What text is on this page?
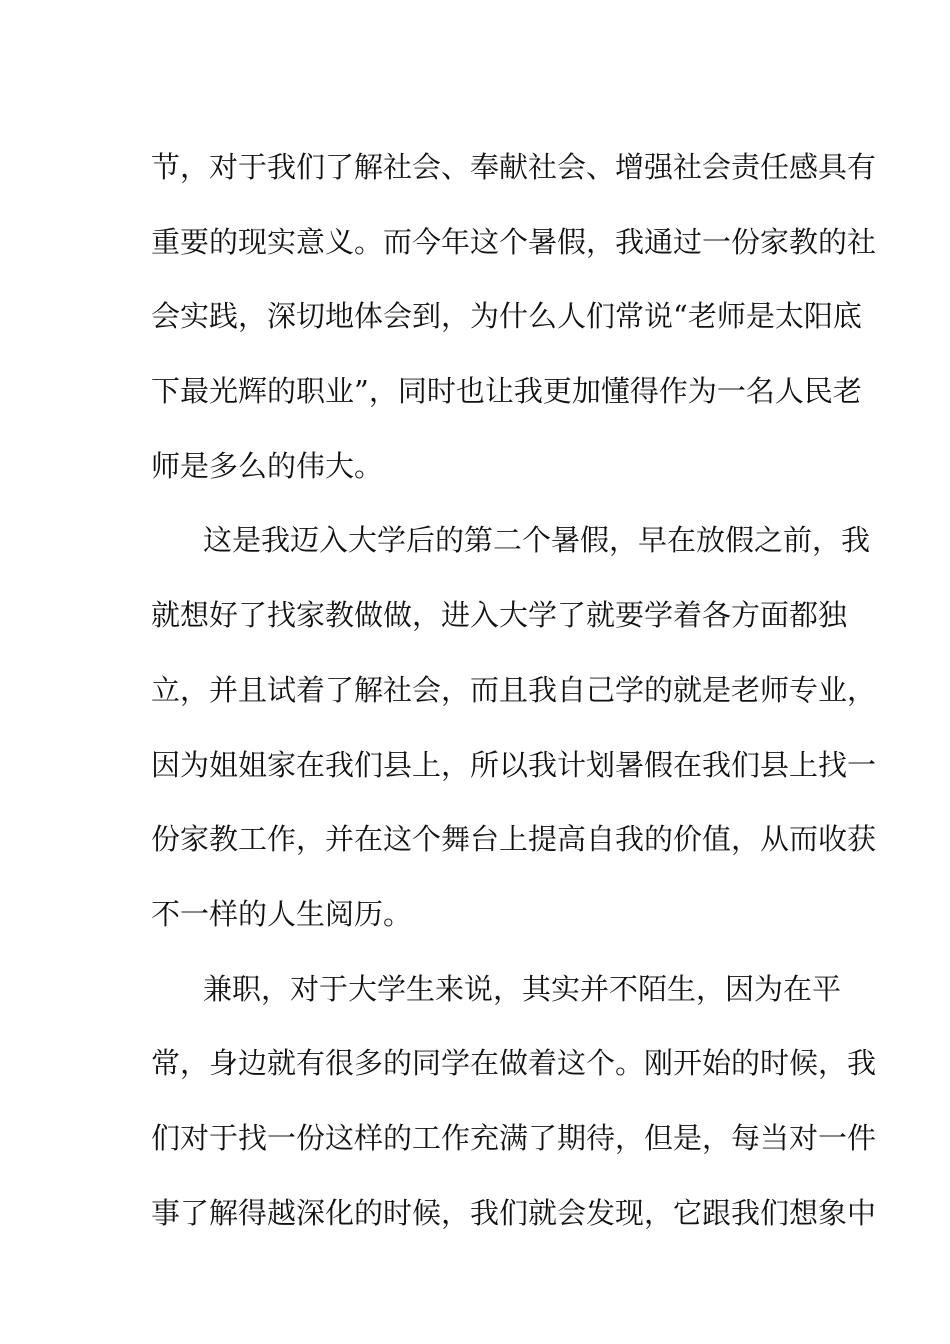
节，对于我们了解社会、奉献社会、增强社会责任感具有
重要的现实意义。而今年这个暑假，我通过一份家教的社
会实践，深切地体会到，为什么人们常说“老师是太阳底
下最光辉的职业”，同时也让我更加懂得作为一名人民老
师是多么的伟大。
这是我迈入大学后的第二个暑假，早在放假之前，我
就想好了找家教做做，进入大学了就要学着各方面都独
立，并且试着了解社会，而且我自己学的就是老师专业，
因为姐姐家在我们县上，所以我计划暑假在我们县上找一
份家教工作，并在这个舞台上提高自我的价值，从而收获
不一样的人生阅历。
兼职，对于大学生来说，其实并不陌生，因为在平
常，身边就有很多的同学在做着这个。刚开始的时候，我
们对于找一份这样的工作充满了期待，但是，每当对一件
事了解得越深化的时候，我们就会发现，它跟我们想象中
